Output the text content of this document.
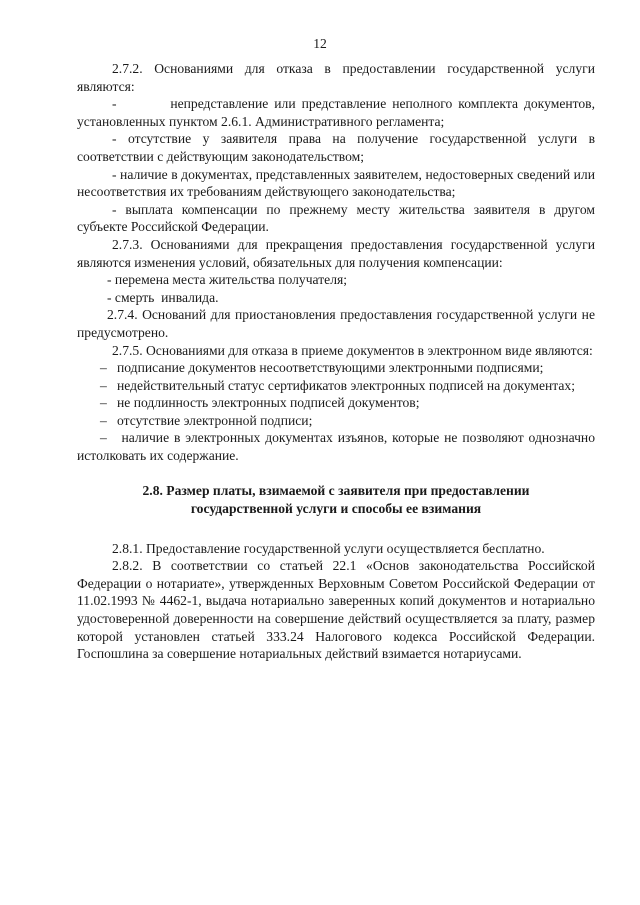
12

2.7.2. Основаниями для отказа в предоставлении государственной услуги являются:

-         непредставление или представление неполного комплекта документов, установленных пунктом 2.6.1. Административного регламента;

- отсутствие у заявителя права на получение государственной услуги в соответствии с действующим законодательством;

- наличие в документах, представленных заявителем, недостоверных сведений или несоответствия их требованиям действующего законодательства;

- выплата компенсации по прежнему месту жительства заявителя в другом субъекте Российской Федерации.

2.7.3. Основаниями для прекращения предоставления государственной услуги являются изменения условий, обязательных для получения компенсации:

- перемена места жительства получателя;

- смерть  инвалида.

2.7.4. Оснований для приостановления предоставления государственной услуги не предусмотрено.

2.7.5. Основаниями для отказа в приеме документов в электронном виде являются:

–   подписание документов несоответствующими электронными подписями;

–   недействительный статус сертификатов электронных подписей на документах;

–   не подлинность электронных подписей документов;

–   отсутствие электронной подписи;

–   наличие в электронных документах изъянов, которые не позволяют однозначно истолковать их содержание.

2.8. Размер платы, взимаемой с заявителя при предоставлении
государственной услуги и способы ее взимания

2.8.1. Предоставление государственной услуги осуществляется бесплатно.

2.8.2. В соответствии со статьей 22.1 «Основ законодательства Российской Федерации о нотариате», утвержденных Верховным Советом Российской Федерации от 11.02.1993 № 4462-1, выдача нотариально заверенных копий документов и нотариально удостоверенной доверенности на совершение действий осуществляется за плату, размер которой установлен статьей 333.24 Налогового кодекса Российской Федерации. Госпошлина за совершение нотариальных действий взимается нотариусами.
